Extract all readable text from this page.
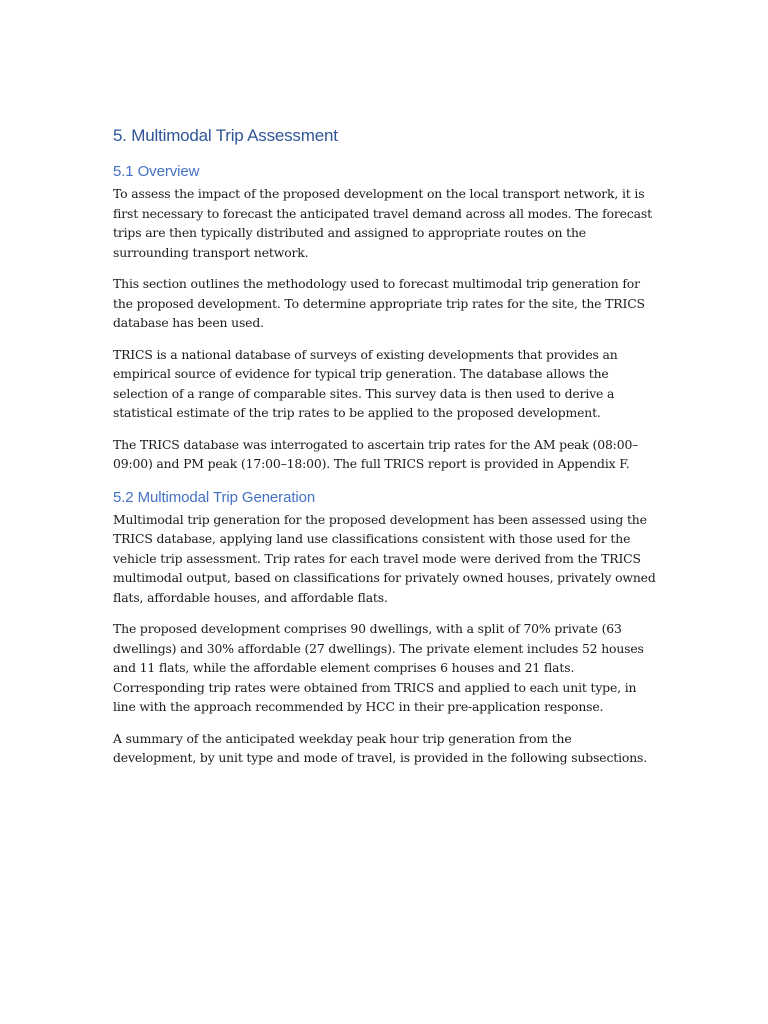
5. Multimodal Trip Assessment
5.1 Overview

To assess the impact of the proposed development on the local transport network, it is first necessary to forecast the anticipated travel demand across all modes. The forecast trips are then typically distributed and assigned to appropriate routes on the surrounding transport network.

This section outlines the methodology used to forecast multimodal trip generation for the proposed development. To determine appropriate trip rates for the site, the TRICS database has been used.

TRICS is a national database of surveys of existing developments that provides an empirical source of evidence for typical trip generation. The database allows the selection of a range of comparable sites. This survey data is then used to derive a statistical estimate of the trip rates to be applied to the proposed development.

The TRICS database was interrogated to ascertain trip rates for the AM peak (08:00–09:00) and PM peak (17:00–18:00). The full TRICS report is provided in Appendix F.

5.2 Multimodal Trip Generation

Multimodal trip generation for the proposed development has been assessed using the TRICS database, applying land use classifications consistent with those used for the vehicle trip assessment. Trip rates for each travel mode were derived from the TRICS multimodal output, based on classifications for privately owned houses, privately owned flats, affordable houses, and affordable flats.

The proposed development comprises 90 dwellings, with a split of 70% private (63 dwellings) and 30% affordable (27 dwellings). The private element includes 52 houses and 11 flats, while the affordable element comprises 6 houses and 21 flats. Corresponding trip rates were obtained from TRICS and applied to each unit type, in line with the approach recommended by HCC in their pre-application response.

A summary of the anticipated weekday peak hour trip generation from the development, by unit type and mode of travel, is provided in the following subsections.
